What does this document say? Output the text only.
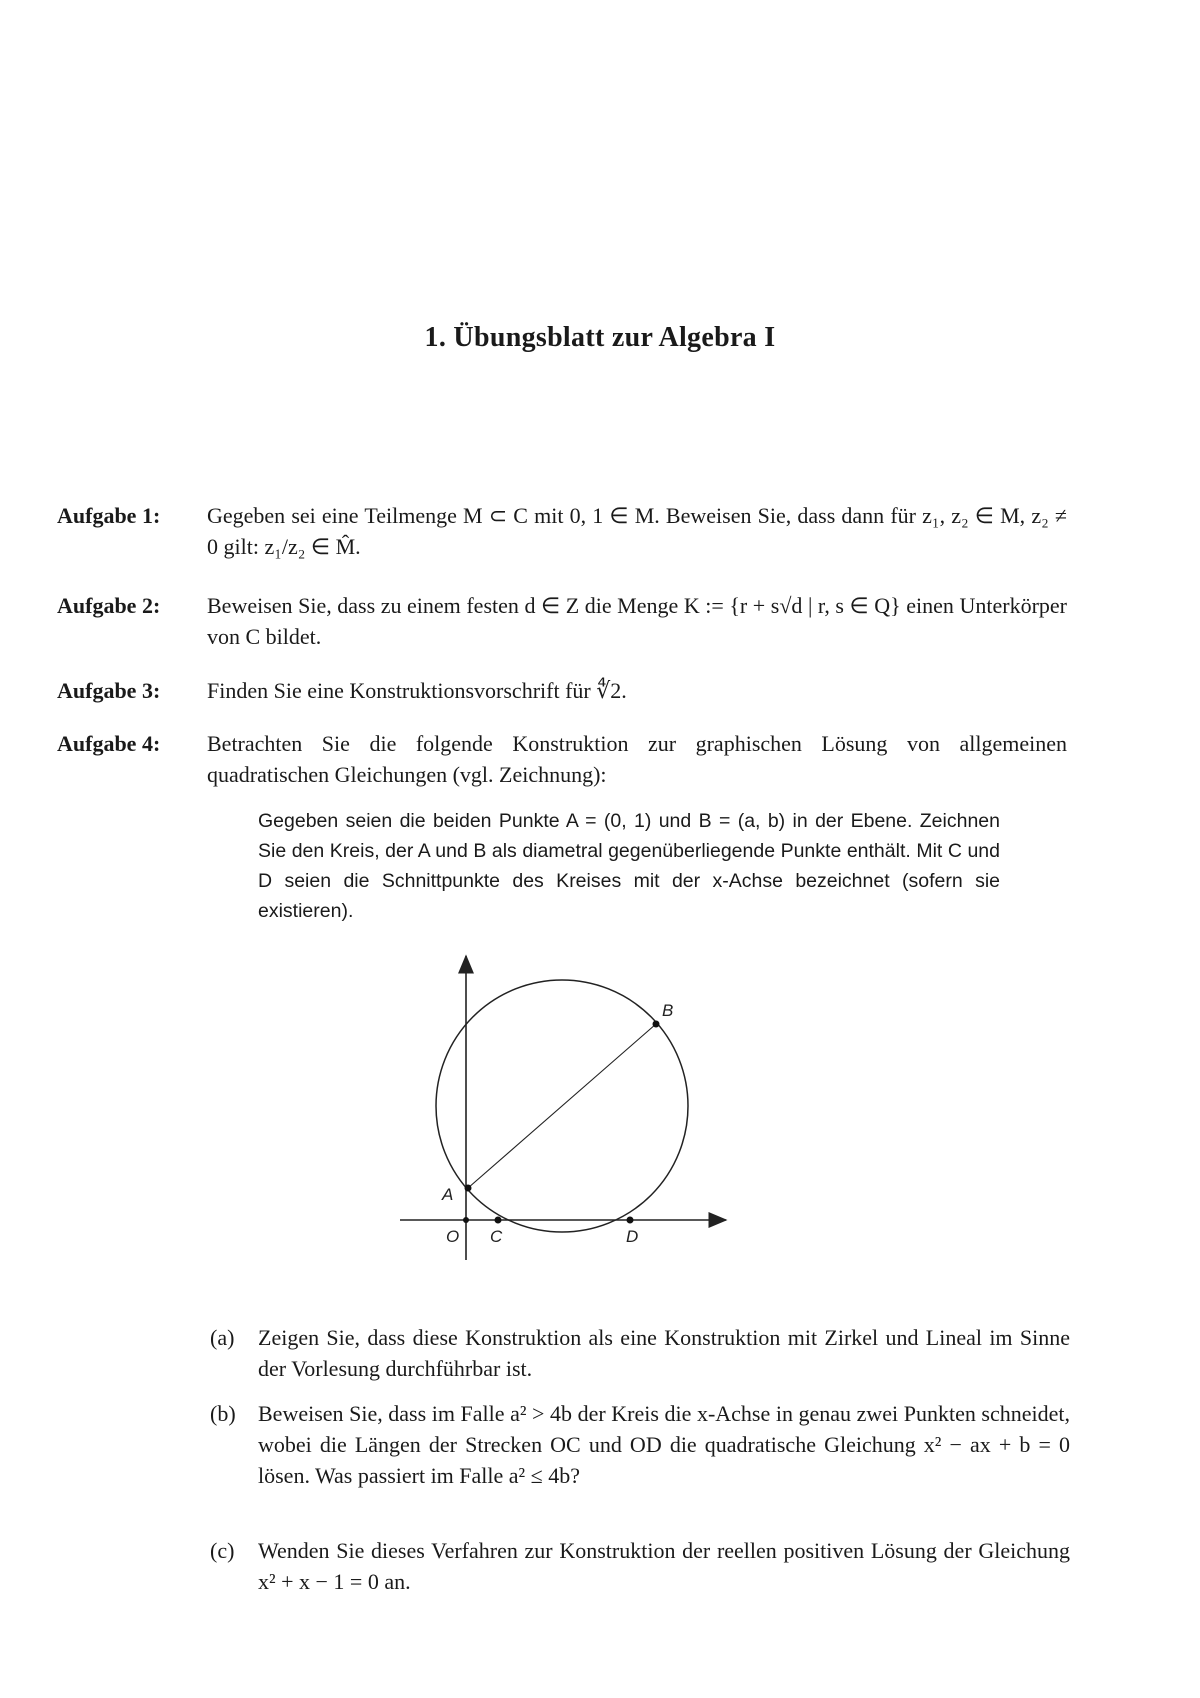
1. Übungsblatt zur Algebra I
Aufgabe 1: Gegeben sei eine Teilmenge M ⊂ C mit 0, 1 ∈ M. Beweisen Sie, dass dann für z₁, z₂ ∈ M, z₂ ≠ 0 gilt: z₁/z₂ ∈ M̂.
Aufgabe 2: Beweisen Sie, dass zu einem festen d ∈ Z die Menge K := {r + s√d | r, s ∈ Q} einen Unterkörper von C bildet.
Aufgabe 3: Finden Sie eine Konstruktionsvorschrift für ∜2.
Aufgabe 4: Betrachten Sie die folgende Konstruktion zur graphischen Lösung von allgemeinen quadratischen Gleichungen (vgl. Zeichnung):
Gegeben seien die beiden Punkte A = (0, 1) und B = (a, b) in der Ebene. Zeichnen Sie den Kreis, der A und B als diametral gegenüberliegende Punkte enthält. Mit C und D seien die Schnittpunkte des Kreises mit der x-Achse bezeichnet (sofern sie existieren).
A
B
O C	D
(a) Zeigen Sie, dass diese Konstruktion als eine Konstruktion mit Zirkel und Lineal im Sinne der Vorlesung durchführbar ist.
(b) Beweisen Sie, dass im Falle a² > 4b der Kreis die x-Achse in genau zwei Punkten schneidet, wobei die Längen der Strecken OC und OD die quadratische Gleichung x² − ax + b = 0 lösen. Was passiert im Falle a² ≤ 4b?
(c) Wenden Sie dieses Verfahren zur Konstruktion der reellen positiven Lösung der Gleichung x² + x − 1 = 0 an.
